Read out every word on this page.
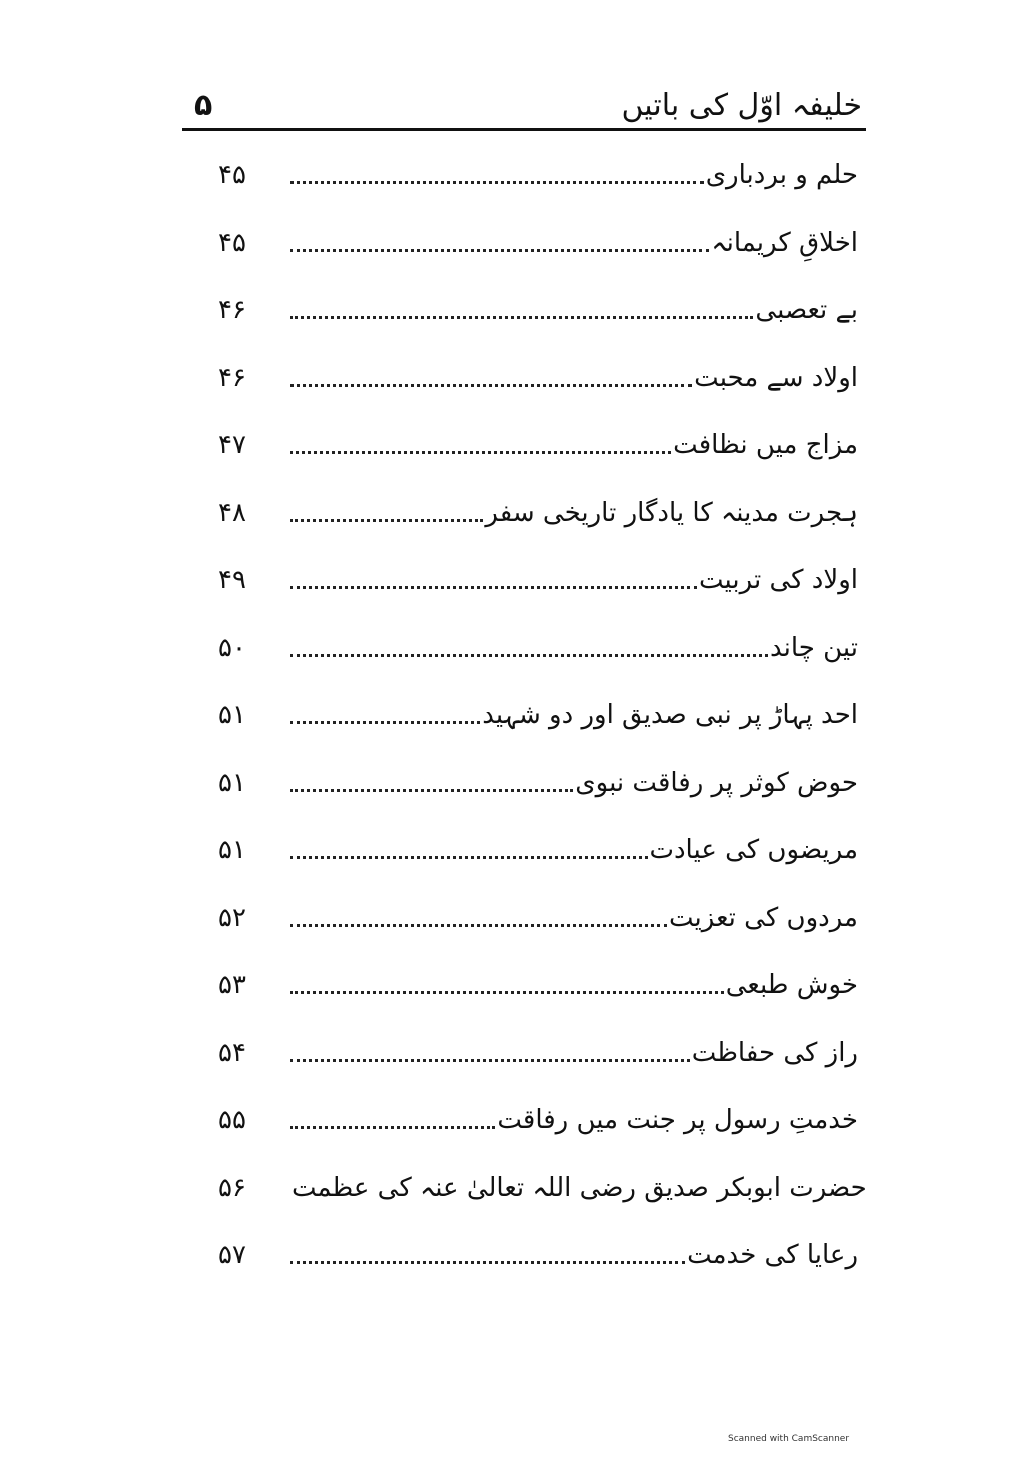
خلیفہ اوّل کی باتیں
۵
۴۵	حلم و بردباری
۴۵	اخلاقِ کریمانہ
۴۶	بے تعصبی
۴۶	اولاد سے محبت
۴۷	مزاج میں نظافت
۴۸	ہجرت مدینہ کا یادگار تاریخی سفر
۴۹	اولاد کی تربیت
۵۰	تین چاند
۵۱	احد پہاڑ پر نبی صدیق اور دو شہید
۵۱	حوض کوثر پر رفاقت نبوی
۵۱	مریضوں کی عیادت
۵۲	مردوں کی تعزیت
۵۳	خوش طبعی
۵۴	راز کی حفاظت
۵۵	خدمتِ رسول پر جنت میں رفاقت
۵۶	حضرت ابوبکر صدیق رضی اللہ تعالیٰ عنہ کی عظمت
۵۷	رعایا کی خدمت
Scanned with CamScanner
